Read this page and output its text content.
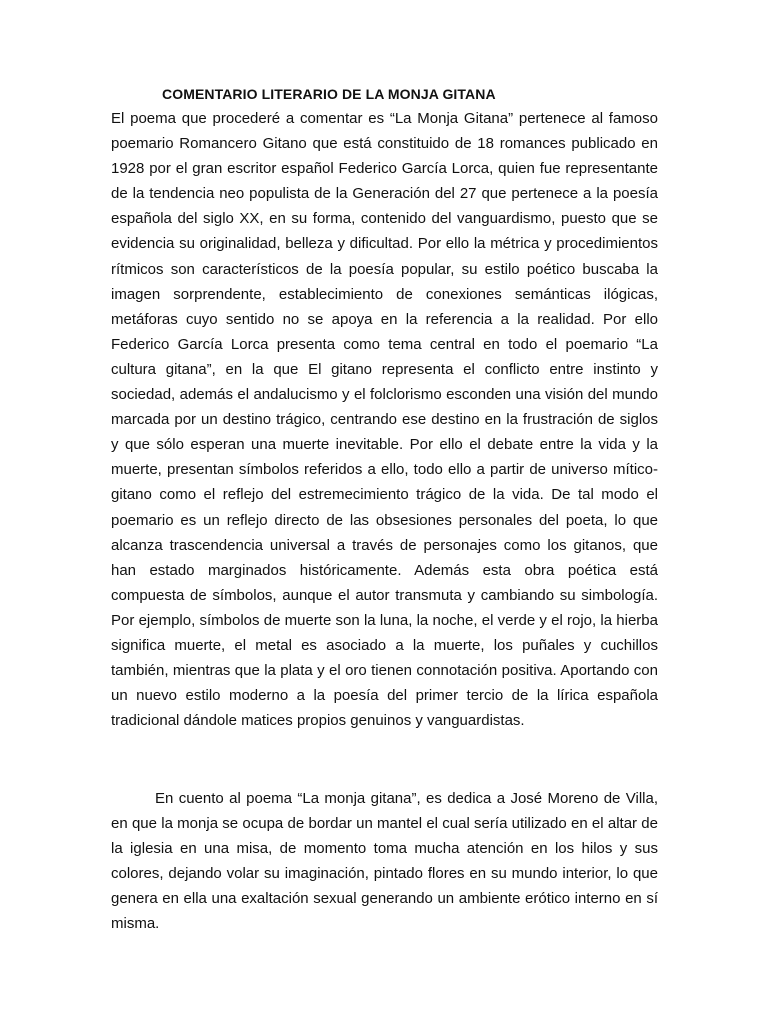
COMENTARIO LITERARIO DE LA MONJA GITANA

El poema que procederé a comentar es “La Monja Gitana” pertenece al famoso poemario Romancero Gitano que está constituido de 18 romances publicado en 1928 por el gran escritor español Federico García Lorca, quien fue representante de la tendencia neo populista de la Generación del 27 que pertenece a la poesía española del siglo XX, en su forma, contenido del vanguardismo, puesto que se evidencia su originalidad, belleza y dificultad. Por ello la métrica y procedimientos rítmicos son característicos de la poesía popular, su estilo poético buscaba la imagen sorprendente, establecimiento de conexiones semánticas ilógicas, metáforas cuyo sentido no se apoya en la referencia a la realidad. Por ello Federico García Lorca presenta como tema central en todo el poemario “La cultura gitana”, en la que El gitano representa el conflicto entre instinto y sociedad, además el andalucismo y el folclorismo esconden una visión del mundo marcada por un destino trágico, centrando ese destino en la frustración de siglos y que sólo esperan una muerte inevitable. Por ello el debate entre la vida y la muerte, presentan símbolos referidos a ello, todo ello a partir de universo mítico-gitano como el reflejo del estremecimiento trágico de la vida. De tal modo el poemario es un reflejo directo de las obsesiones personales del poeta, lo que alcanza trascendencia universal a través de personajes como los gitanos, que han estado marginados históricamente. Además esta obra poética está compuesta de símbolos, aunque el autor transmuta y cambiando su simbología. Por ejemplo, símbolos de muerte son la luna, la noche, el verde y el rojo, la hierba significa muerte, el metal es asociado a la muerte, los puñales y cuchillos también, mientras que la plata y el oro tienen connotación positiva. Aportando con un nuevo estilo moderno a la poesía del primer tercio de la lírica española tradicional dándole matices propios genuinos y vanguardistas.

En cuento al poema “La monja gitana”, es dedica a José Moreno de Villa, en que la monja se ocupa de bordar un mantel el cual sería utilizado en el altar de la iglesia en una misa, de momento toma mucha atención en los hilos y sus colores, dejando volar su imaginación, pintado flores en su mundo interior, lo que genera en ella una exaltación sexual generando un ambiente erótico interno en sí misma.
